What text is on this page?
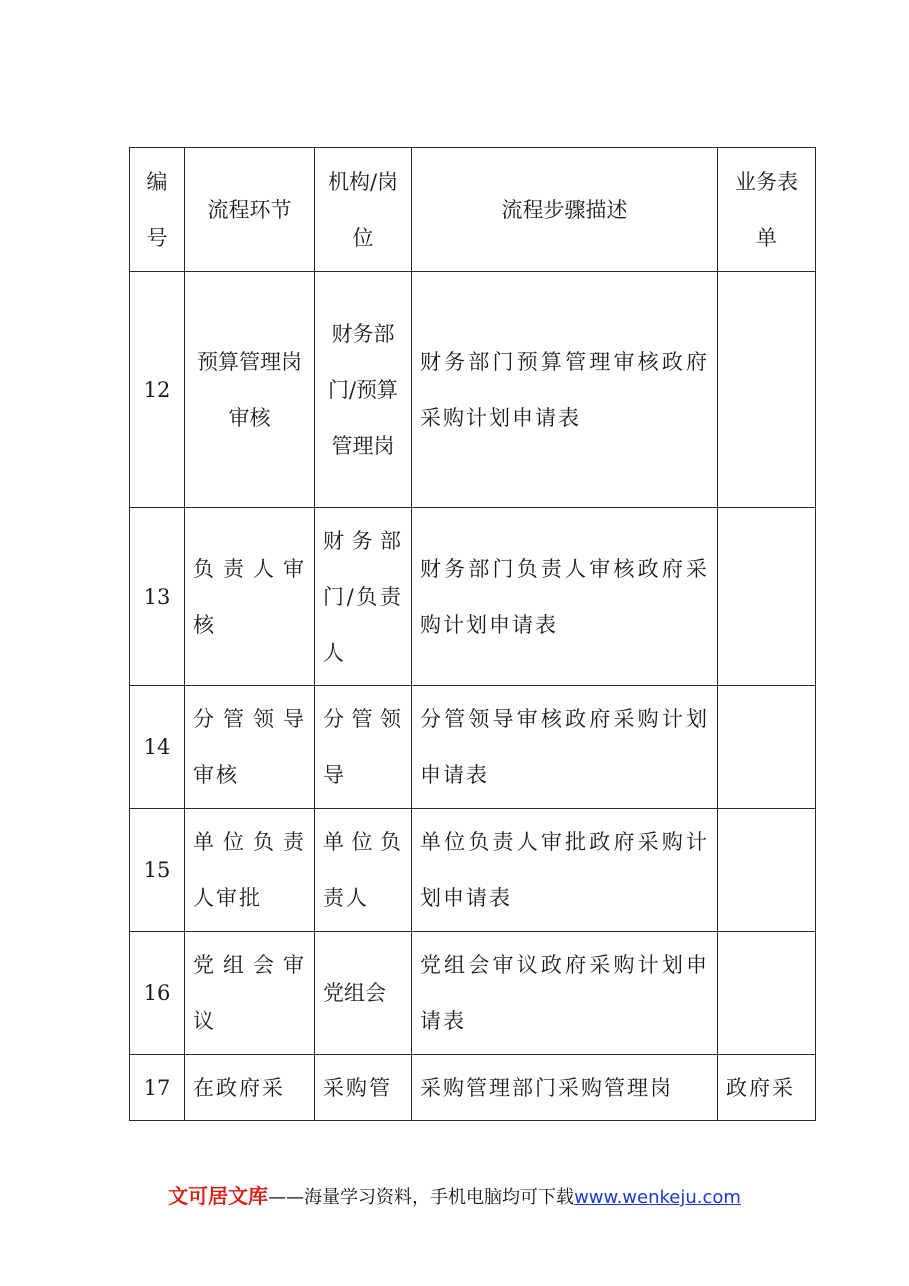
编号	流程环节	机构/岗位	流程步骤描述	业务表单
12	预算管理岗审核	财务部门/预算管理岗	财务部门预算管理审核政府采购计划申请表	
13	负责人审核	财务部门/负责人	财务部门负责人审核政府采购计划申请表	
14	分管领导审核	分管领导	分管领导审核政府采购计划申请表	
15	单位负责人审批	单位负责人	单位负责人审批政府采购计划申请表	
16	党组会审议	党组会	党组会审议政府采购计划申请表	
17	在政府采	采购管	采购管理部门采购管理岗	政府采
文可居文库——海量学习资料，手机电脑均可下载www.wenkeju.com
